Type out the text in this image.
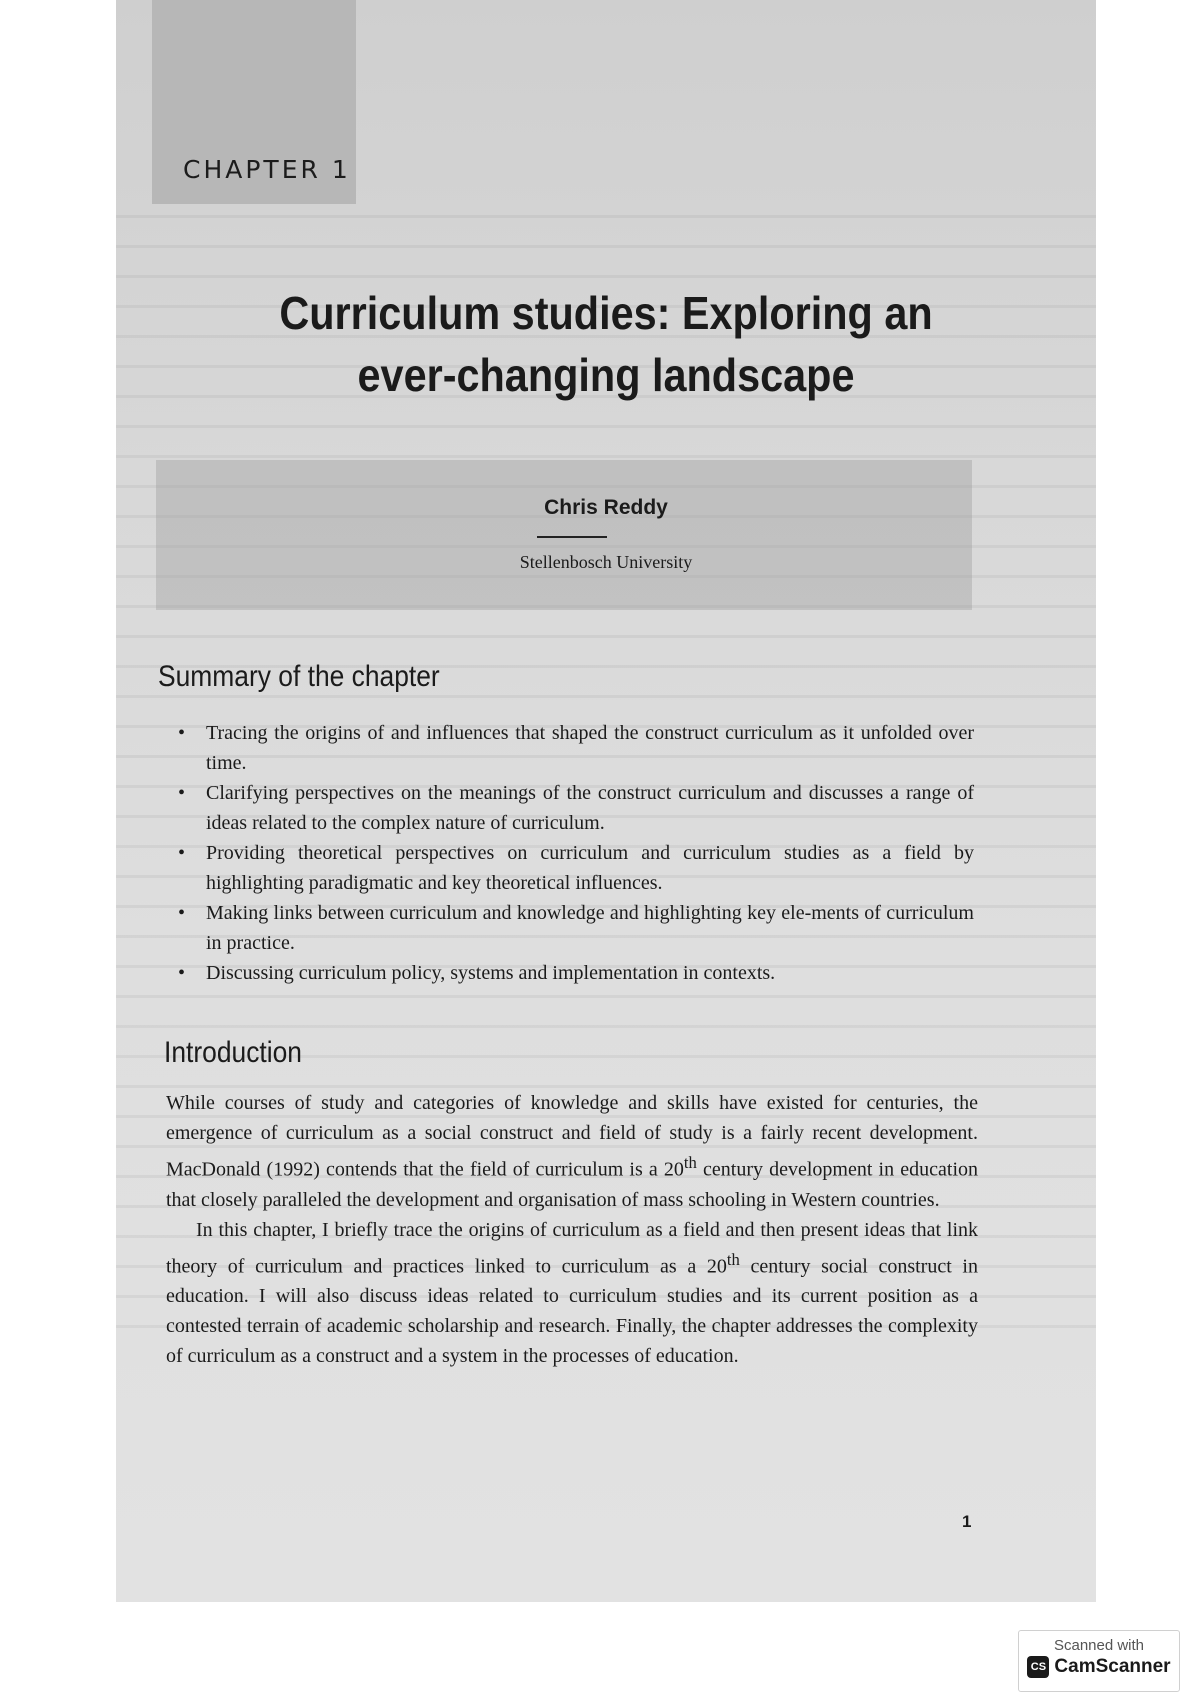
CHAPTER 1
Curriculum studies: Exploring an
ever-changing landscape
Chris Reddy
Stellenbosch University
Summary of the chapter
• Tracing the origins of and influences that shaped the construct curriculum as it unfolded over time.
• Clarifying perspectives on the meanings of the construct curriculum and discusses a range of ideas related to the complex nature of curriculum.
• Providing theoretical perspectives on curriculum and curriculum studies as a field by highlighting paradigmatic and key theoretical influences.
• Making links between curriculum and knowledge and highlighting key ele-ments of curriculum in practice.
• Discussing curriculum policy, systems and implementation in contexts.
Introduction

While courses of study and categories of knowledge and skills have existed for centuries, the emergence of curriculum as a social construct and field of study is a fairly recent development. MacDonald (1992) contends that the field of curriculum is a 20th century development in education that closely paralleled the development and organisation of mass schooling in Western countries.

In this chapter, I briefly trace the origins of curriculum as a field and then present ideas that link theory of curriculum and practices linked to curriculum as a 20th century social construct in education. I will also discuss ideas related to curriculum studies and its current position as a contested terrain of academic scholarship and research. Finally, the chapter addresses the complexity of curriculum as a construct and a system in the processes of education.

1
Scanned with
CS CamScanner
